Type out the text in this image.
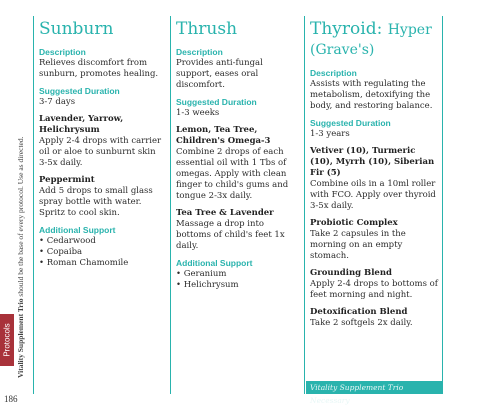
Protocols Vitality Supplement Trio should be the base of every protocol. Use as directed.
186
Sunburn
Description
Relieves discomfort from sunburn, promotes healing.
Suggested Duration
3-7 days
Lavender, Yarrow, Helichrysum
Apply 2-4 drops with carrier oil or aloe to sunburnt skin 3-5x daily.
Peppermint
Add 5 drops to small glass spray bottle with water. Spritz to cool skin.
Additional Support
• Cedarwood
• Copaiba
• Roman Chamomile
Thrush
Description
Provides anti-fungal support, eases oral discomfort.
Suggested Duration
1-3 weeks
Lemon, Tea Tree, Children's Omega-3
Combine 2 drops of each essential oil with 1 Tbs of omegas. Apply with clean finger to child's gums and tongue 2-3x daily.
Tea Tree & Lavender
Massage a drop into bottoms of child's feet 1x daily.
Additional Support
• Geranium
• Helichrysum
Thyroid: Hyper (Grave's)
Description
Assists with regulating the metabolism, detoxifying the body, and restoring balance.
Suggested Duration
1-3 years
Vetiver (10), Turmeric (10), Myrrh (10), Siberian Fir (5)
Combine oils in a 10ml roller with FCO. Apply over thyroid 3-5x daily.
Probiotic Complex
Take 2 capsules in the morning on an empty stomach.
Grounding Blend
Apply 2-4 drops to bottoms of feet morning and night.
Detoxification Blend
Take 2 softgels 2x daily.
Vitality Supplement Trio Necessary
